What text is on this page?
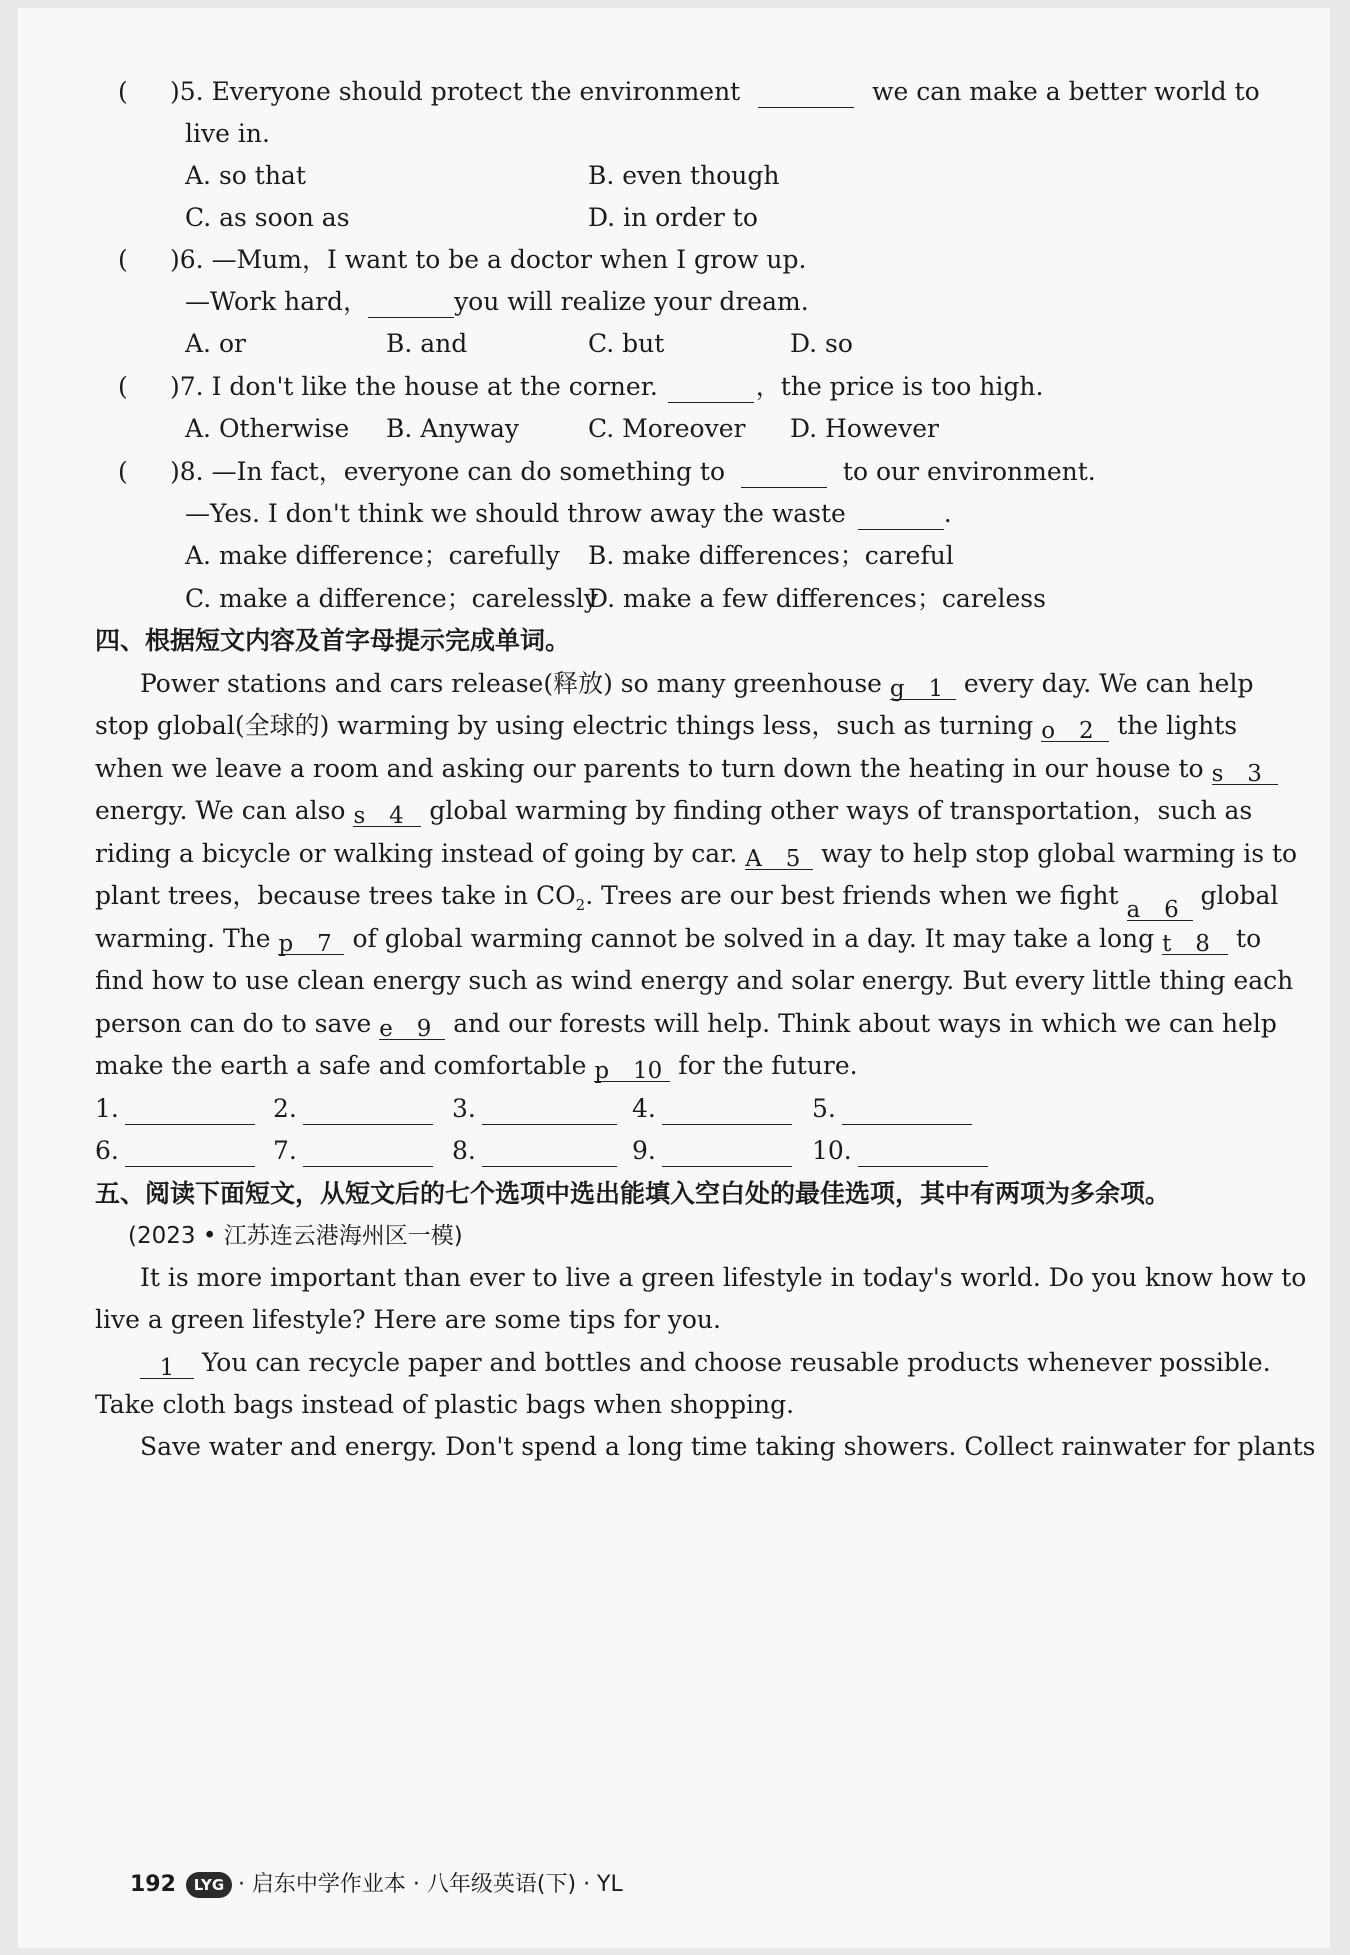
( )5. Everyone should protect the environment	we can make a better world to
live in.
A. so that	B. even though
C. as soon as	D. in order to
( )6. —Mum，I want to be a doctor when I grow up.
—Work hard，	you will realize your dream.
A. or	B. and	C. but	D. so
( )7. I don't like the house at the corner.	，the price is too high.
A. Otherwise B. Anyway	C. Moreover D. However
( )8. —In fact，everyone can do something to	to our environment.
—Yes. I don't think we should throw away the waste	.
A. make difference；carefully B. make differences；careful
C. make a difference；carelessly
D. make a few differences；careless
四、根据短文内容及首字母提示完成单词。
Power stations and cars release(释放) so many greenhouse g 1 every day. We can help
stop global(全球的) warming by using electric things less，such as turning o 2 the lights
when we leave a room and asking our parents to turn down the heating in our house to s 3
energy. We can also s 4 global warming by finding other ways of transportation，such as
riding a bicycle or walking instead of going by car. A 5 way to help stop global warming is to
plant trees，because trees take in $CO_2$. Trees are our best friends when we fight a 6 global
warming. The p 7 of global warming cannot be solved in a day. It may take a long t 8 to
find how to use clean energy such as wind energy and solar energy. But every little thing each
person can do to save e 9 and our forests will help. Think about ways in which we can help
make the earth a safe and comfortable p 10 for the future.
1.	2.	3.	4.	5.
6.	7.	8.	9.	10.
五、阅读下面短文，从短文后的七个选项中选出能填入空白处的最佳选项，其中有两项为多余项。
(2023 • 江苏连云港海州区一模)
It is more important than ever to live a green lifestyle in today's world. Do you know how to
live a green lifestyle? Here are some tips for you.
1 You can recycle paper and bottles and choose reusable products whenever possible.
Take cloth bags instead of plastic bags when shopping.
Save water and energy. Don't spend a long time taking showers. Collect rainwater for plants
192 LYG · 启东中学作业本 · 八年级英语(下) · YL
